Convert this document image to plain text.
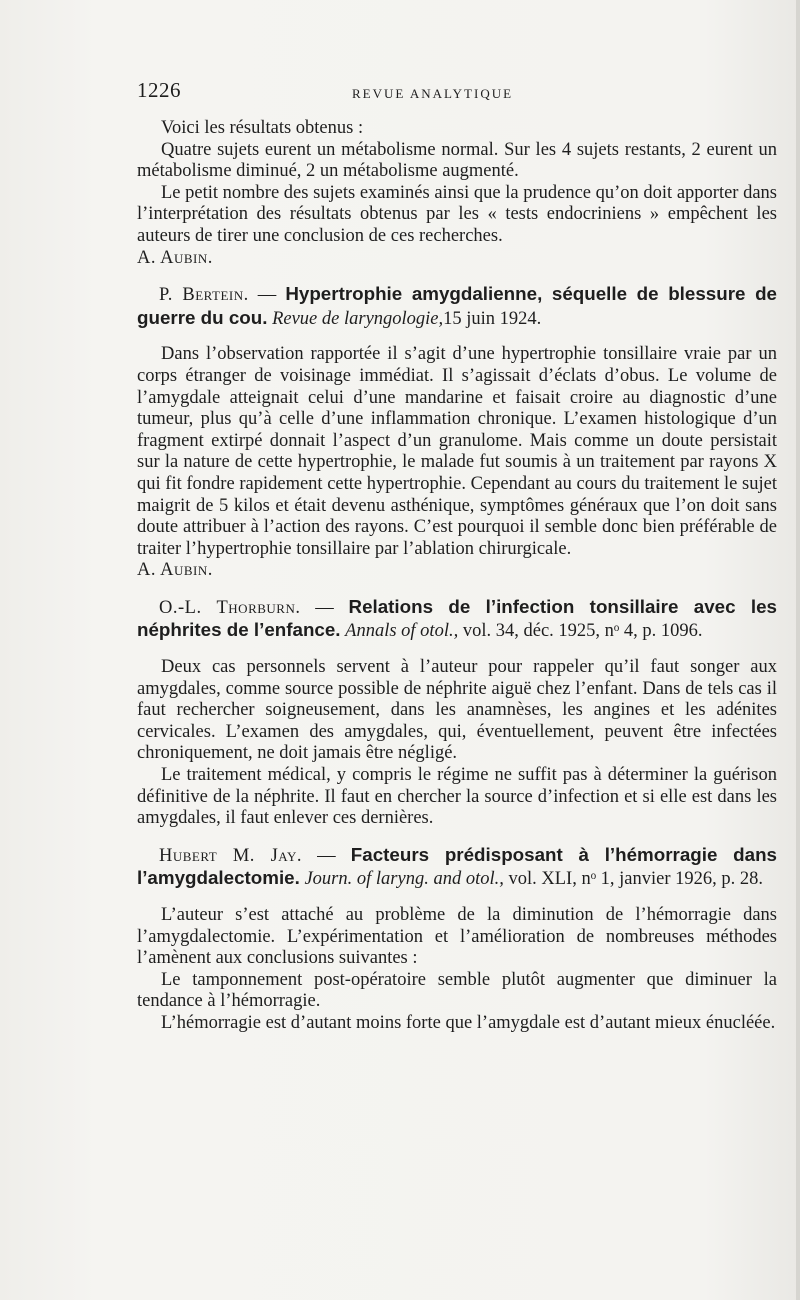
1226	REVUE ANALYTIQUE

Voici les résultats obtenus :

Quatre sujets eurent un métabolisme normal. Sur les 4 sujets restants, 2 eurent un métabolisme diminué, 2 un métabolisme augmenté.

Le petit nombre des sujets examinés ainsi que la prudence qu’on doit apporter dans l’interprétation des résultats obtenus par les « tests endocriniens » empêchent les auteurs de tirer une conclusion de ces recherches.

A. Aubin.

P. Bertein. — Hypertrophie amygdalienne, séquelle de blessure de guerre du cou. Revue de laryngologie,15 juin 1924.

Dans l’observation rapportée il s’agit d’une hypertrophie tonsillaire vraie par un corps étranger de voisinage immédiat. Il s’agissait d’éclats d’obus. Le volume de l’amygdale atteignait celui d’une mandarine et faisait croire au diagnostic d’une tumeur, plus qu’à celle d’une inflammation chronique. L’examen histologique d’un fragment extirpé donnait l’aspect d’un granulome. Mais comme un doute persistait sur la nature de cette hypertrophie, le malade fut soumis à un traitement par rayons X qui fit fondre rapidement cette hypertrophie. Cependant au cours du traitement le sujet maigrit de 5 kilos et était devenu asthénique, symptômes généraux que l’on doit sans doute attribuer à l’action des rayons. C’est pourquoi il semble donc bien préférable de traiter l’hypertrophie tonsillaire par l’ablation chirurgicale.

A. Aubin.

O.-L. Thorburn. — Relations de l’infection tonsillaire avec les néphrites de l’enfance. Annals of otol., vol. 34, déc. 1925, nᵒ 4, p. 1096.

Deux cas personnels servent à l’auteur pour rappeler qu’il faut songer aux amygdales, comme source possible de néphrite aiguë chez l’enfant. Dans de tels cas il faut rechercher soigneusement, dans les anamnèses, les angines et les adénites cervicales. L’examen des amygdales, qui, éventuellement, peuvent être infectées chroniquement, ne doit jamais être négligé.

Le traitement médical, y compris le régime ne suffit pas à déterminer la guérison définitive de la néphrite. Il faut en chercher la source d’infection et si elle est dans les amygdales, il faut enlever ces dernières.

Hubert M. Jay. — Facteurs prédisposant à l’hémorragie dans l’amygdalectomie. Journ. of laryng. and otol., vol. XLI, nᵒ 1, janvier 1926, p. 28.

L’auteur s’est attaché au problème de la diminution de l’hémorragie dans l’amygdalectomie. L’expérimentation et l’amélioration de nombreuses méthodes l’amènent aux conclusions suivantes :

Le tamponnement post-opératoire semble plutôt augmenter que diminuer la tendance à l’hémorragie.

L’hémorragie est d’autant moins forte que l’amygdale est d’autant mieux énucléée.
